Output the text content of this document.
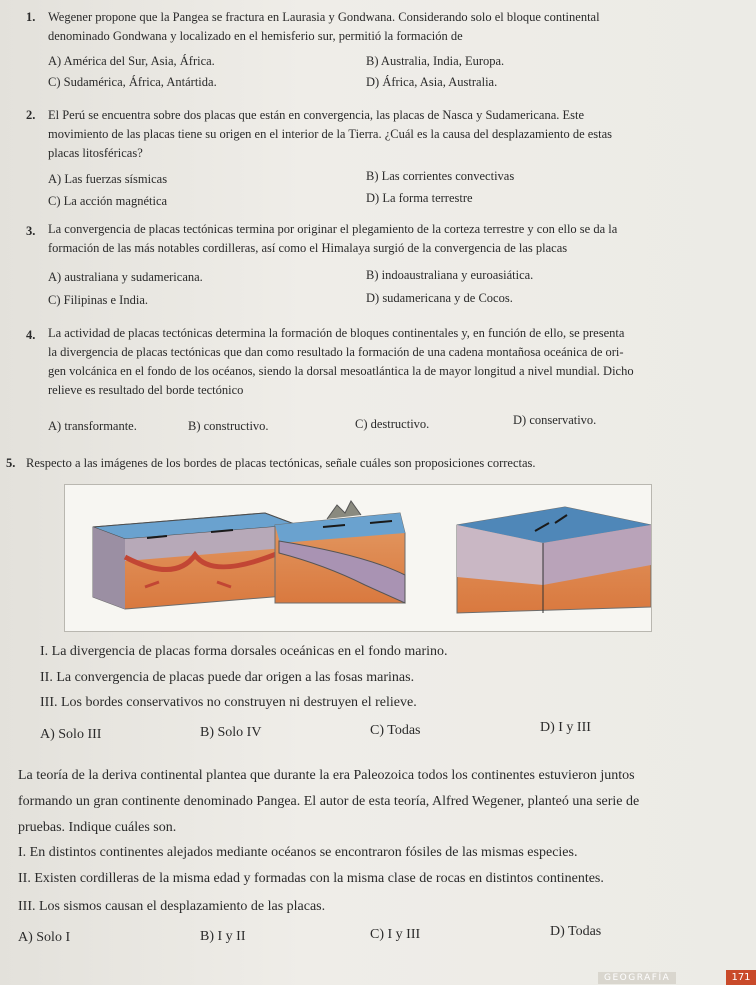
1. Wegener propone que la Pangea se fractura en Laurasia y Gondwana. Considerando solo el bloque continental
denominado Gondwana y localizado en el hemisferio sur, permitió la formación de
A) América del Sur, Asia, África.	B) Australia, India, Europa.
C) Sudamérica, África, Antártida.	D) África, Asia, Australia.
2. El Perú se encuentra sobre dos placas que están en convergencia, las placas de Nasca y Sudamericana. Este
movimiento de las placas tiene su origen en el interior de la Tierra. ¿Cuál es la causa del desplazamiento de estas
placas litosféricas?
A) Las fuerzas sísmicas	B) Las corrientes convectivas
C) La acción magnética	D) La forma terrestre
3. La convergencia de placas tectónicas termina por originar el plegamiento de la corteza terrestre y con ello se da la
formación de las más notables cordilleras, así como el Himalaya surgió de la convergencia de las placas
A) australiana y sudamericana.	B) indoaustraliana y euroasiática.
C) Filipinas e India.	D) sudamericana y de Cocos.
4. La actividad de placas tectónicas determina la formación de bloques continentales y, en función de ello, se presenta
la divergencia de placas tectónicas que dan como resultado la formación de una cadena montañosa oceánica de ori-
gen volcánica en el fondo de los océanos, siendo la dorsal mesoatlántica la de mayor longitud a nivel mundial. Dicho
relieve es resultado del borde tectónico
A) transformante.	B) constructivo.	C) destructivo.	D) conservativo.
5. Respecto a las imágenes de los bordes de placas tectónicas, señale cuáles son proposiciones correctas.
I. La divergencia de placas forma dorsales oceánicas en el fondo marino.
II. La convergencia de placas puede dar origen a las fosas marinas.
III. Los bordes conservativos no construyen ni destruyen el relieve.
A) Solo III	B) Solo IV	C) Todas	D) I y III
La teoría de la deriva continental plantea que durante la era Paleozoica todos los continentes estuvieron juntos
formando un gran continente denominado Pangea. El autor de esta teoría, Alfred Wegener, planteó una serie de
pruebas. Indique cuáles son.
I. En distintos continentes alejados mediante océanos se encontraron fósiles de las mismas especies.
II. Existen cordilleras de la misma edad y formadas con la misma clase de rocas en distintos continentes.
III. Los sismos causan el desplazamiento de las placas.
A) Solo I	B) I y II	C) I y III	D) Todas
GEOGRAFÍA	171
